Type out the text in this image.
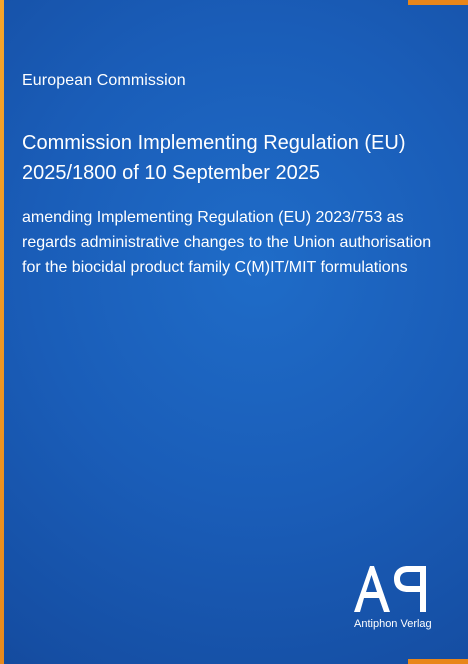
European Commission
Commission Implementing Regulation (EU)
2025/1800 of 10 September 2025
amending Implementing Regulation (EU) 2023/753 as
regards administrative changes to the Union authorisation
for the biocidal product family C(M)IT/MIT formulations
Antiphon Verlag
